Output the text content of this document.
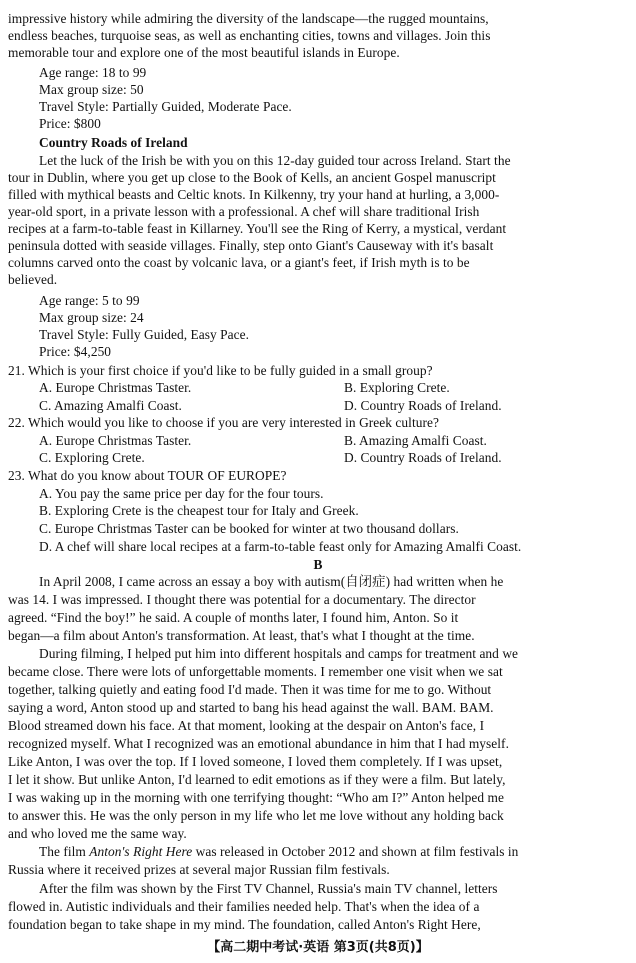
impressive history while admiring the diversity of the landscape—the rugged mountains,
endless beaches, turquoise seas, as well as enchanting cities, towns and villages. Join this
memorable tour and explore one of the most beautiful islands in Europe.
Age range: 18 to 99
Max group size: 50
Travel Style: Partially Guided, Moderate Pace.
Price: $800
Country Roads of Ireland
Let the luck of the Irish be with you on this 12-day guided tour across Ireland. Start the
tour in Dublin, where you get up close to the Book of Kells, an ancient Gospel manuscript
filled with mythical beasts and Celtic knots. In Kilkenny, try your hand at hurling, a 3,000-
year-old sport, in a private lesson with a professional. A chef will share traditional Irish
recipes at a farm-to-table feast in Killarney. You'll see the Ring of Kerry, a mystical, verdant
peninsula dotted with seaside villages. Finally, step onto Giant's Causeway with it's basalt
columns carved onto the coast by volcanic lava, or a giant's feet, if Irish myth is to be
believed.
Age range: 5 to 99
Max group size: 24
Travel Style: Fully Guided, Easy Pace.
Price: $4,250
21. Which is your first choice if you'd like to be fully guided in a small group?
A. Europe Christmas Taster.	B. Exploring Crete.
C. Amazing Amalfi Coast.	D. Country Roads of Ireland.
22. Which would you like to choose if you are very interested in Greek culture?
A. Europe Christmas Taster.	B. Amazing Amalfi Coast.
C. Exploring Crete.	D. Country Roads of Ireland.
23. What do you know about TOUR OF EUROPE?
A. You pay the same price per day for the four tours.
B. Exploring Crete is the cheapest tour for Italy and Greek.
C. Europe Christmas Taster can be booked for winter at two thousand dollars.
D. A chef will share local recipes at a farm-to-table feast only for Amazing Amalfi Coast.
B
In April 2008, I came across an essay a boy with autism(自闭症) had written when he
was 14. I was impressed. I thought there was potential for a documentary. The director
agreed. “Find the boy!” he said. A couple of months later, I found him, Anton. So it
began—a film about Anton's transformation. At least, that's what I thought at the time.
During filming, I helped put him into different hospitals and camps for treatment and we
became close. There were lots of unforgettable moments. I remember one visit when we sat
together, talking quietly and eating food I'd made. Then it was time for me to go. Without
saying a word, Anton stood up and started to bang his head against the wall. BAM. BAM.
Blood streamed down his face. At that moment, looking at the despair on Anton's face, I
recognized myself. What I recognized was an emotional abundance in him that I had myself.
Like Anton, I was over the top. If I loved someone, I loved them completely. If I was upset,
I let it show. But unlike Anton, I'd learned to edit emotions as if they were a film. But lately,
I was waking up in the morning with one terrifying thought: “Who am I?” Anton helped me
to answer this. He was the only person in my life who let me love without any holding back
and who loved me the same way.
The film Anton's Right Here was released in October 2012 and shown at film festivals in
Russia where it received prizes at several major Russian film festivals.
After the film was shown by the First TV Channel, Russia's main TV channel, letters
flowed in. Autistic individuals and their families needed help. That's when the idea of a
foundation began to take shape in my mind. The foundation, called Anton's Right Here,
【高二期中考试·英语 第3页(共8页)】
